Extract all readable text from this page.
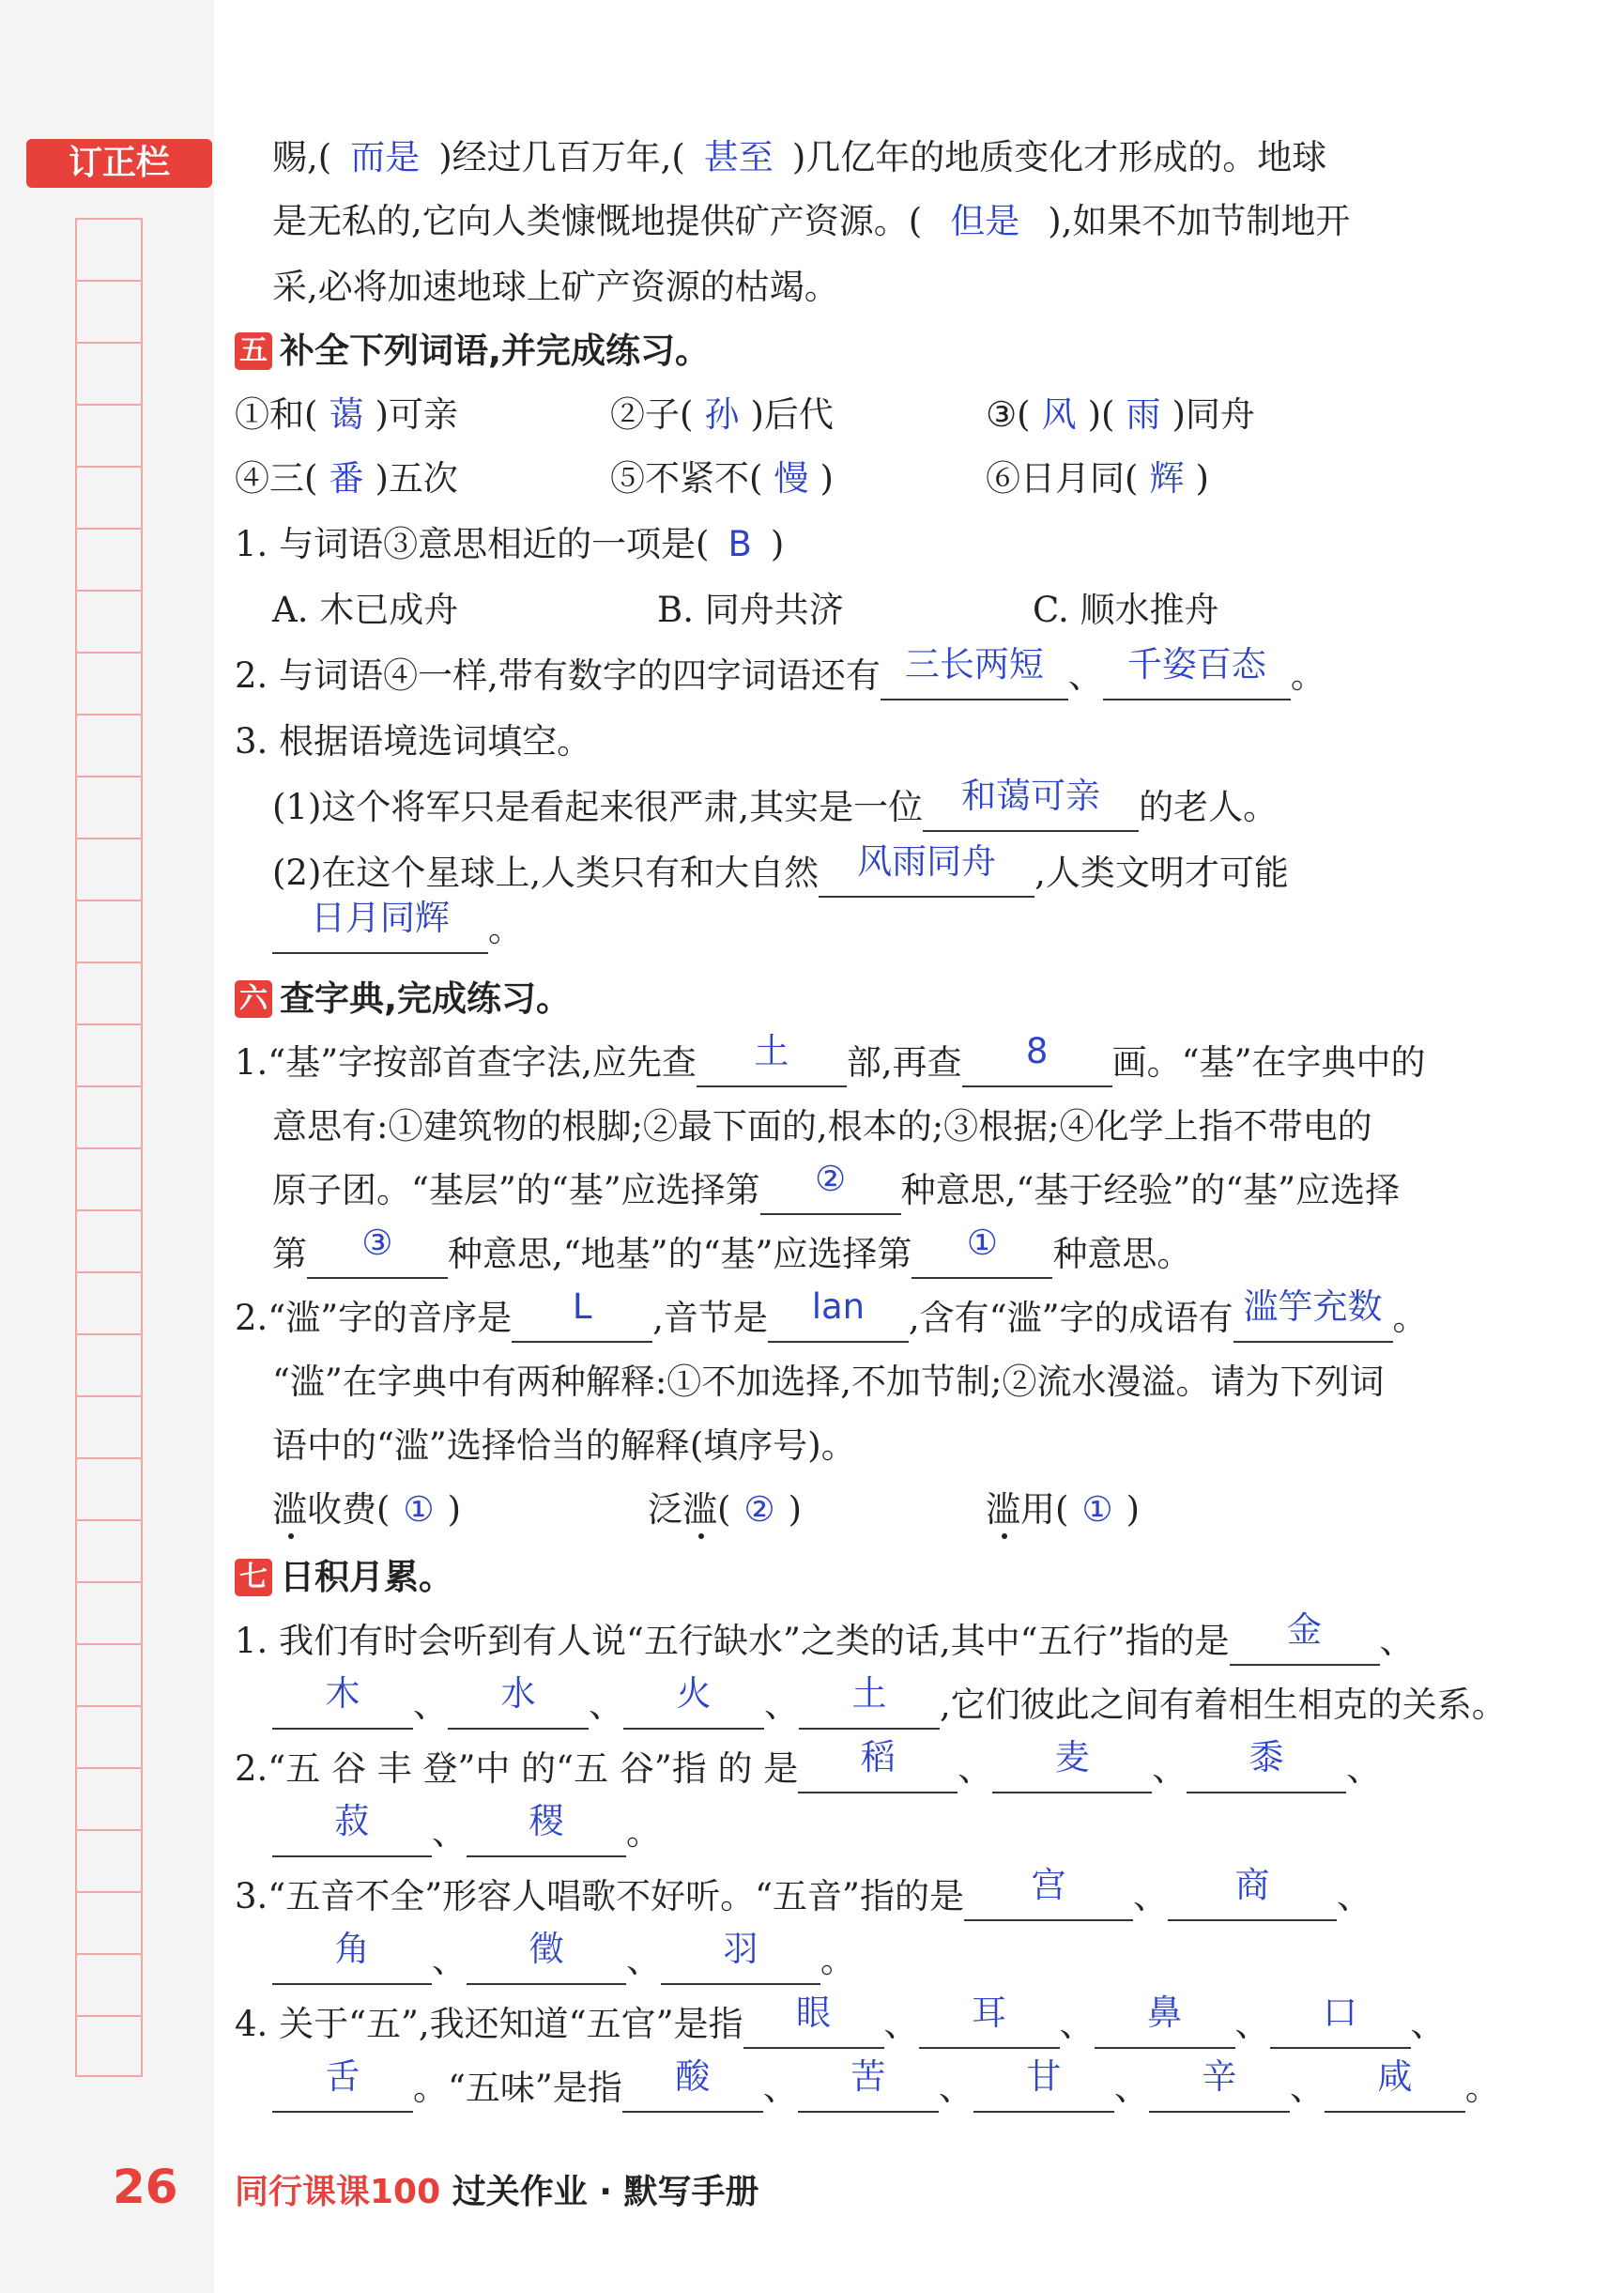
订正栏	赐,( 而是 )经过几百万年,( 甚至 )几亿年的地质变化才形成的。地球
是无私的,它向人类慷慨地提供矿产资源。( 但是 ),如果不加节制地开
采,必将加速地球上矿产资源的枯竭。
五 补全下列词语,并完成练习。
①和( 蔼 )可亲	②子( 孙 )后代	③( 风 )( 雨 )同舟
④三( 番 )五次	⑤不紧不( 慢 )	⑥日月同( 辉 )
1. 与词语③意思相近的一项是( B )
A. 木已成舟	B. 同舟共济	C. 顺水推舟
2. 与词语④一样,带有数字的四字词语还有 三长两短 、 千姿百态 。
3. 根据语境选词填空。
(1)这个将军只是看起来很严肃,其实是一位 和蔼可亲 的老人。
(2)在这个星球上,人类只有和大自然 风雨同舟 ,人类文明才可能
日月同辉 。
六 查字典,完成练习。
1.“基”字按部首查字法,应先查 土 部,再查 8 画。“基”在字典中的
意思有:①建筑物的根脚;②最下面的,根本的;③根据;④化学上指不带电的
原子团。“基层”的“基”应选择第 ② 种意思,“基于经验”的“基”应选择
第 ③ 种意思,“地基”的“基”应选择第 ① 种意思。
2.“滥”字的音序是 L ,音节是 lan ,含有“滥”字的成语有 滥竽充数 。
“滥”在字典中有两种解释:①不加选择,不加节制;②流水漫溢。请为下列词
语中的“滥”选择恰当的解释(填序号)。
滥收费( ① )	泛滥( ② )	滥用( ① )
七 日积月累。
1. 我们有时会听到有人说“五行缺水”之类的话,其中“五行”指的是 金 、
木 、 水 、 火 、 土 ,它们彼此之间有着相生相克的关系。
2.“五 谷 丰 登”中 的“五 谷”指 的 是 稻 、 麦 、 黍 、
菽 、 稷 。
3.“五音不全”形容人唱歌不好听。“五音”指的是 宫 、 商 、
角 、 徵 、 羽 。
4. 关于“五”,我还知道“五官”是指 眼 、 耳 、 鼻 、 口 、
舌 。“五味”是指 酸 、 苦 、 甘 、 辛 、 咸 。
26 同行课课100 过关作业 · 默写手册
